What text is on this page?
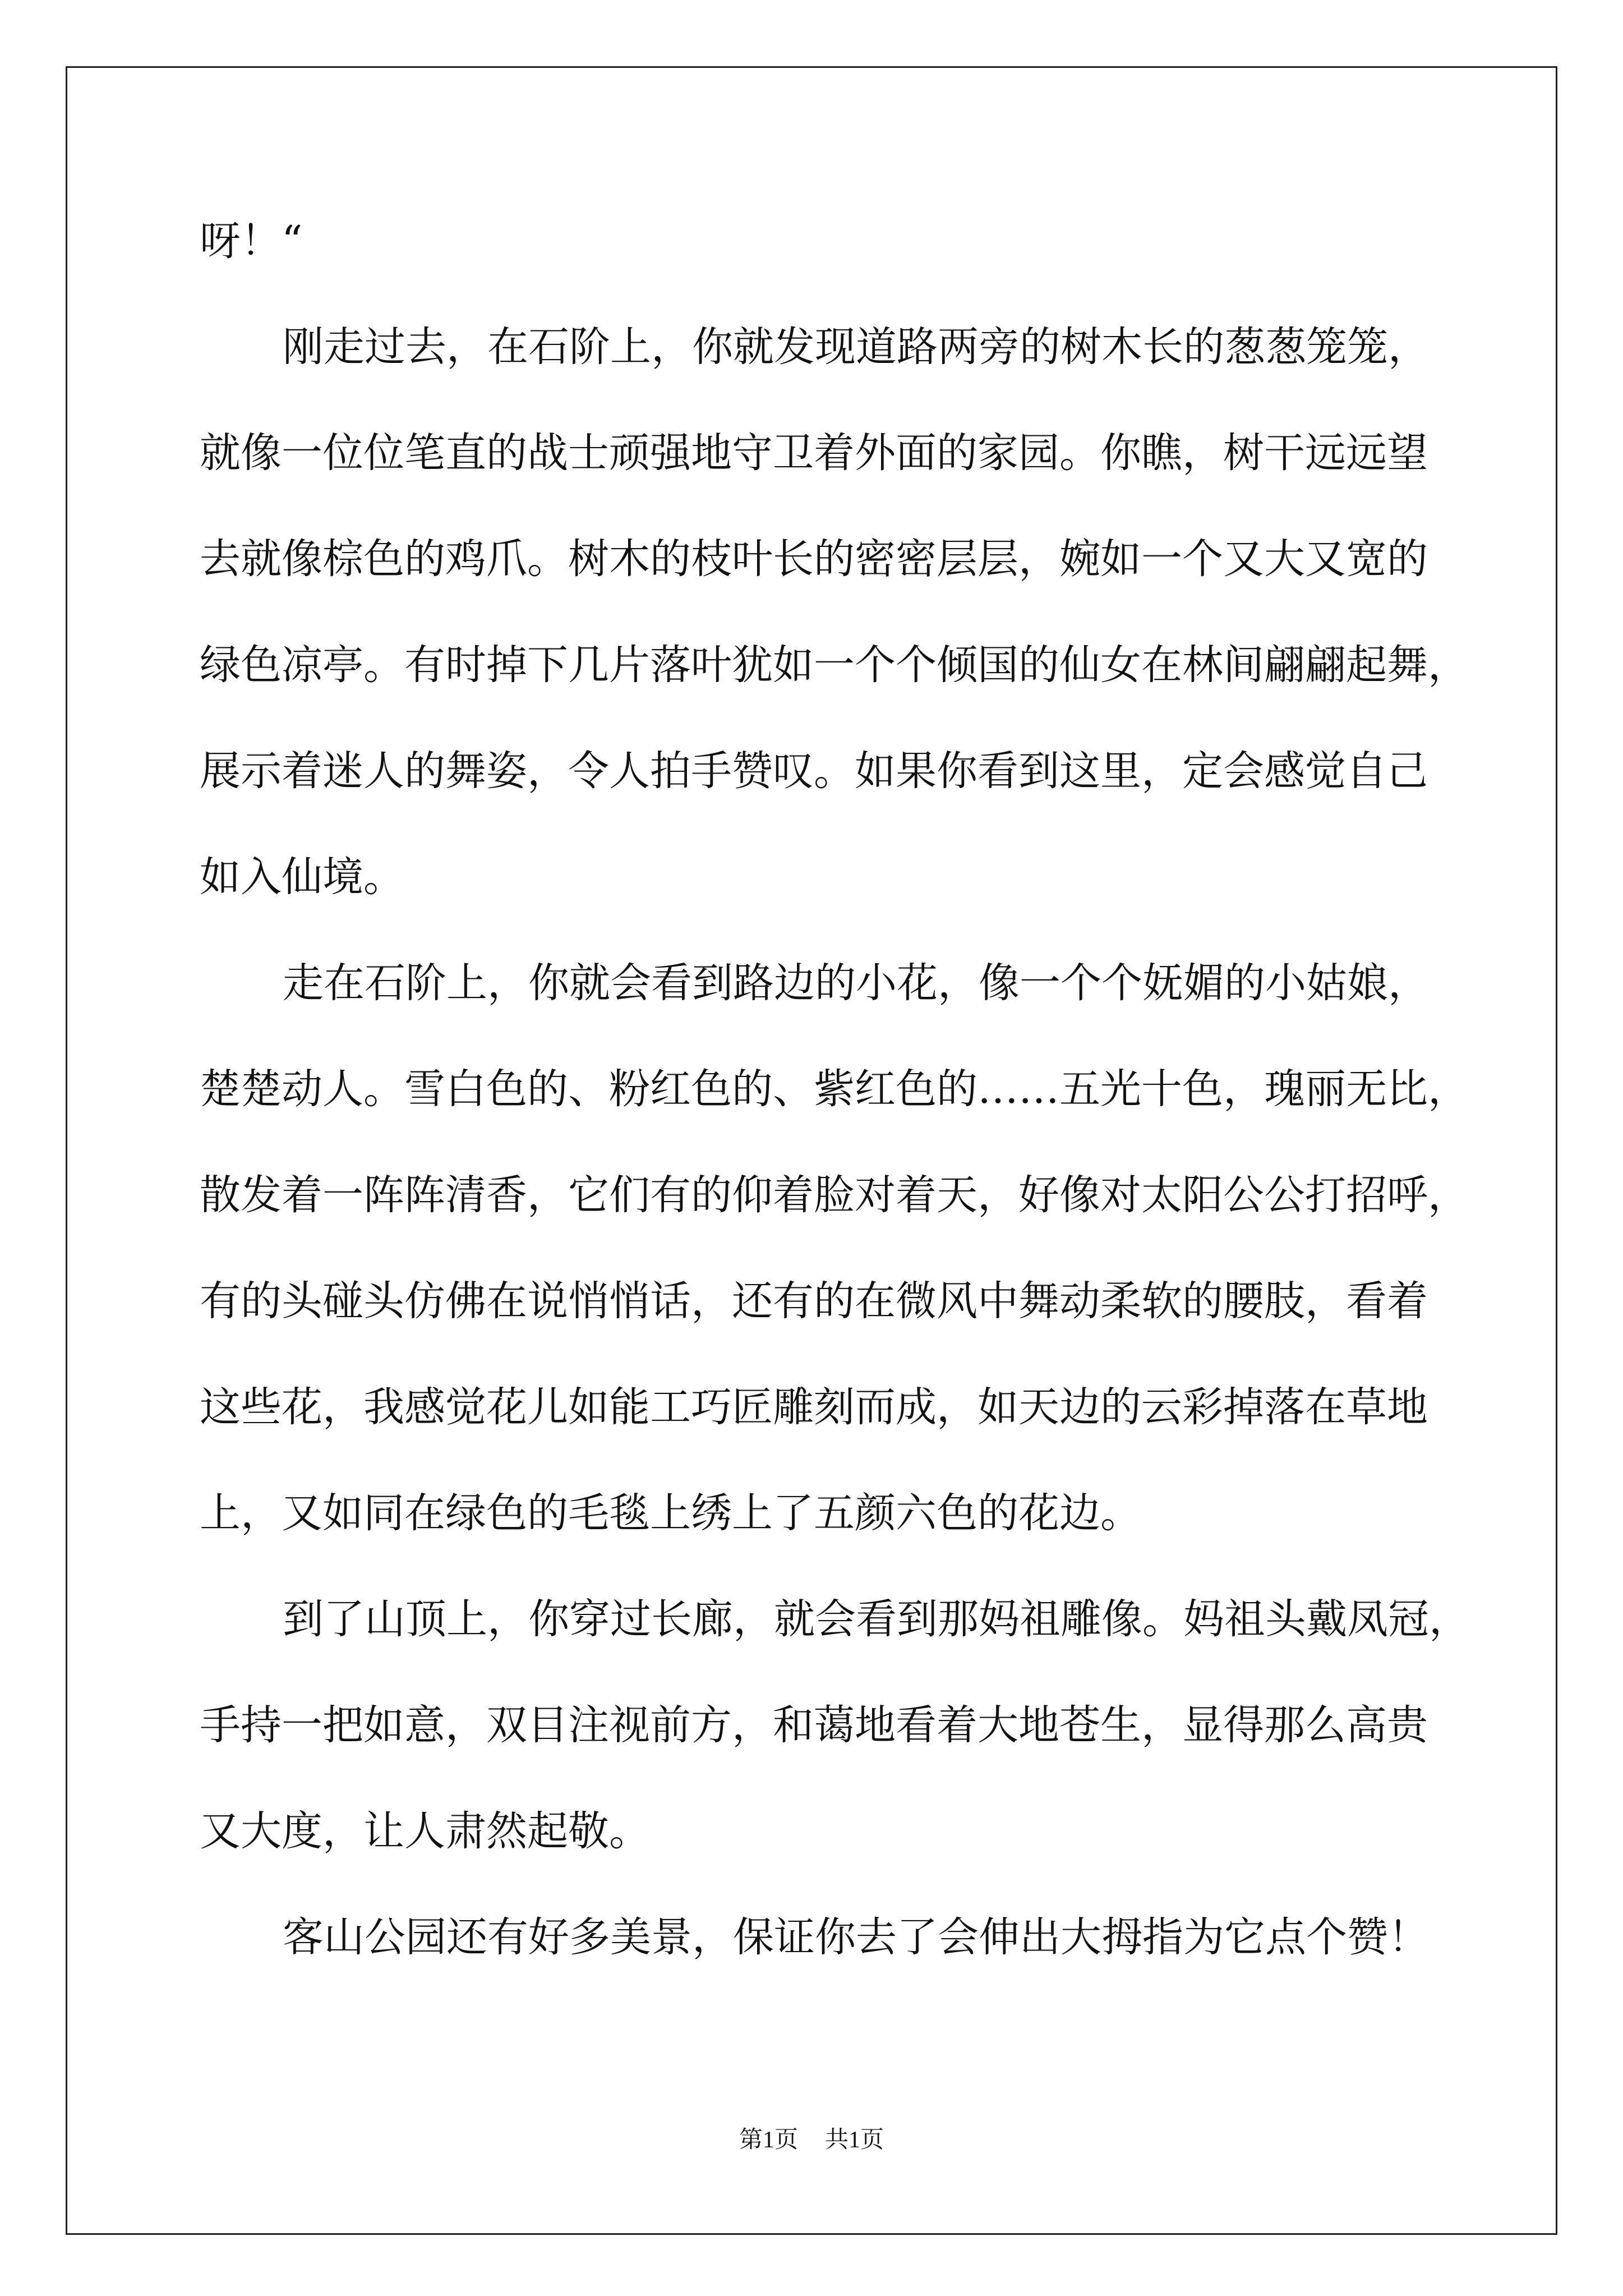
呀！“
刚走过去，在石阶上，你就发现道路两旁的树木长的葱葱笼笼，
就像一位位笔直的战士顽强地守卫着外面的家园。你瞧，树干远远望
去就像棕色的鸡爪。树木的枝叶长的密密层层，婉如一个又大又宽的
绿色凉亭。有时掉下几片落叶犹如一个个倾国的仙女在林间翩翩起舞，
展示着迷人的舞姿，令人拍手赞叹。如果你看到这里，定会感觉自己
如入仙境。
走在石阶上，你就会看到路边的小花，像一个个妩媚的小姑娘，
楚楚动人。雪白色的、粉红色的、紫红色的……五光十色，瑰丽无比，
散发着一阵阵清香，它们有的仰着脸对着天，好像对太阳公公打招呼，
有的头碰头仿佛在说悄悄话，还有的在微风中舞动柔软的腰肢，看着
这些花，我感觉花儿如能工巧匠雕刻而成，如天边的云彩掉落在草地
上，又如同在绿色的毛毯上绣上了五颜六色的花边。
到了山顶上，你穿过长廊，就会看到那妈祖雕像。妈祖头戴凤冠，
手持一把如意，双目注视前方，和蔼地看着大地苍生，显得那么高贵
又大度，让人肃然起敬。
客山公园还有好多美景，保证你去了会伸出大拇指为它点个赞！
第1页 共1页
